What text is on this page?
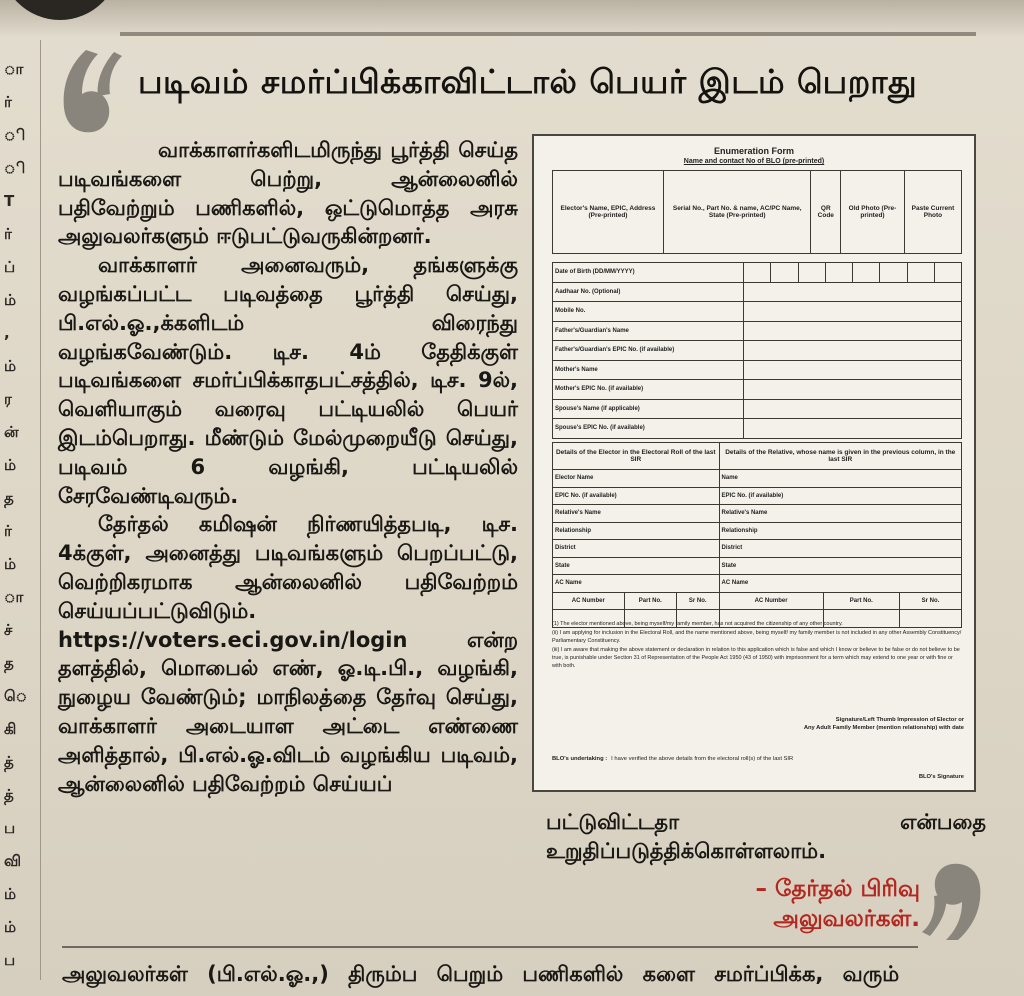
ா
ர்
ி
ி
T
ர்
ப்
ம்
,
ம்
ர
ன்
ம்
த
ர்
ம்
ா
ச்
த
ெ
கி
த்
த்
ப
வி
ம்
ம்
ப
படிவம் சமர்ப்பிக்காவிட்டால் பெயர் இடம் பெறாது

வாக்காளர்களிடமிருந்து பூர்த்தி செய்த படிவங்களை பெற்று, ஆன்லைனில் பதிவேற்றும் பணிகளில், ஒட்டுமொத்த அரசு அலுவலர்களும் ஈடுபட்டுவருகின்றனர்.

வாக்காளர் அனைவரும், தங்களுக்கு வழங்கப்பட்ட படிவத்தை பூர்த்தி செய்து, பி.எல்.ஓ.,க்களிடம் விரைந்து வழங்கவேண்டும். டிச. 4ம் தேதிக்குள் படிவங்களை சமர்ப்பிக்காதபட்சத்தில், டிச. 9ல், வெளியாகும் வரைவு பட்டியலில் பெயர் இடம்பெறாது. மீண்டும் மேல்முறையீடு செய்து, படிவம் 6 வழங்கி, பட்டியலில் சேரவேண்டிவரும்.

தேர்தல் கமிஷன் நிர்ணயித்தபடி, டிச. 4க்குள், அனைத்து படிவங்களும் பெறப்பட்டு, வெற்றிகரமாக ஆன்லைனில் பதிவேற்றம் செய்யப்பட்டுவிடும். https://voters.eci.gov.in/login என்ற தளத்தில், மொபைல் எண், ஓ.டி.பி., வழங்கி, நுழைய வேண்டும்; மாநிலத்தை தேர்வு செய்து, வாக்காளர் அடையாள அட்டை எண்ணை அளித்தால், பி.எல்.ஓ.விடம் வழங்கிய படிவம், ஆன்லைனில் பதிவேற்றம் செய்யப்

Enumeration Form
Name and contact No of BLO (pre-printed)
Elector's Name, EPIC, Address (Pre-printed)	Serial No., Part No. & name, AC/PC Name, State (Pre-printed)	QR Code	Old Photo (Pre-printed)	Paste Current Photo
Date of Birth (DD/MM/YYYY)								
Aadhaar No. (Optional)								
Mobile No.								
Father's/Guardian's Name								
Father's/Guardian's EPIC No. (if available)								
Mother's Name								
Mother's EPIC No. (if available)								
Spouse's Name (if applicable)								
Spouse's EPIC No. (if available)								
Details of the Elector in the Electoral Roll of the last SIR			Details of the Relative, whose name is given in the previous column, in the last SIR		
Elector Name			Name		
EPIC No. (if available)			EPIC No. (if available)		
Relative's Name			Relative's Name		
Relationship			Relationship		
District			District		
State			State		
AC Name			AC Name		
AC Number	Part No.	Sr No.	AC Number	Part No.	Sr No.

(1) The elector mentioned above, being myself/my family member, has not acquired the citizenship of any other country.

(ii) I am applying for inclusion in the Electoral Roll, and the name mentioned above, being myself/ my family member is not included in any other Assembly Constituency/ Parliamentary Constituency.

(iii) I am aware that making the above statement or declaration in relation to this application which is false and which I know or believe to be false or do not believe to be true, is punishable under Section 31 of Representation of the People Act 1950 (43 of 1950) with imprisonment for a term which may extend to one year or with fine or with both.

Signature/Left Thumb Impression of Elector or
Any Adult Family Member (mention relationship) with date
BLO's undertaking : I have verified the above details from the electoral roll(s) of the last SIR
BLO's Signature
பட்டுவிட்டதா என்பதை உறுதிப்படுத்திக்கொள்ளலாம்.
– தேர்தல் பிரிவு
அலுவலர்கள்.
அலுவலர்கள் (பி.எல்.ஓ.,) திரும்ப பெறும் பணிகளில் களை சமர்ப்பிக்க, வரும்
